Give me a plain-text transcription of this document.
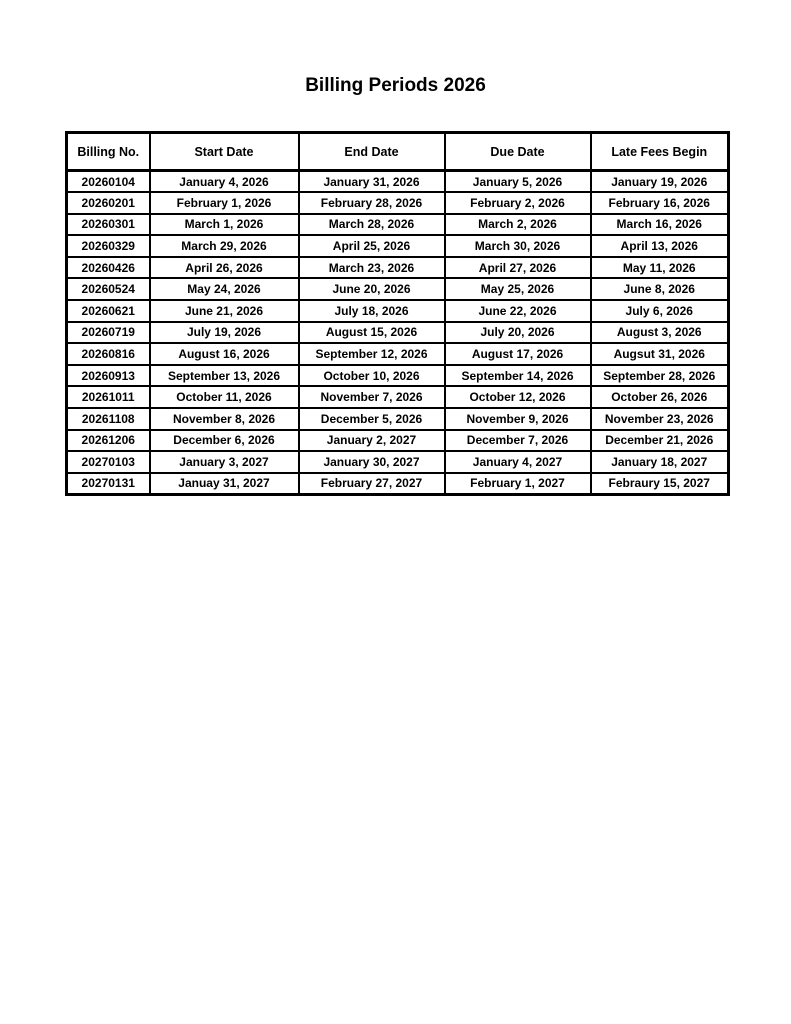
Billing Periods 2026
Billing No.	Start Date	End Date	Due Date	Late Fees Begin
20260104	January 4, 2026	January 31, 2026	January 5, 2026	January 19, 2026
20260201	February 1, 2026	February 28, 2026	February 2, 2026	February 16, 2026
20260301	March 1, 2026	March 28, 2026	March 2, 2026	March 16, 2026
20260329	March 29, 2026	April 25, 2026	March 30, 2026	April 13, 2026
20260426	April 26, 2026	March 23, 2026	April 27, 2026	May 11, 2026
20260524	May 24, 2026	June 20, 2026	May 25, 2026	June 8, 2026
20260621	June 21, 2026	July 18, 2026	June 22, 2026	July 6, 2026
20260719	July 19, 2026	August 15, 2026	July 20, 2026	August 3, 2026
20260816	August 16, 2026	September 12, 2026	August 17, 2026	Augsut 31, 2026
20260913	September 13, 2026	October 10, 2026	September 14, 2026	September 28, 2026
20261011	October 11, 2026	November 7, 2026	October 12, 2026	October 26, 2026
20261108	November 8, 2026	December 5, 2026	November 9, 2026	November 23, 2026
20261206	December 6, 2026	January 2, 2027	December 7, 2026	December 21, 2026
20270103	January 3, 2027	January 30, 2027	January 4, 2027	January 18, 2027
20270131	Januay 31, 2027	February 27, 2027	February 1, 2027	Febraury 15, 2027
